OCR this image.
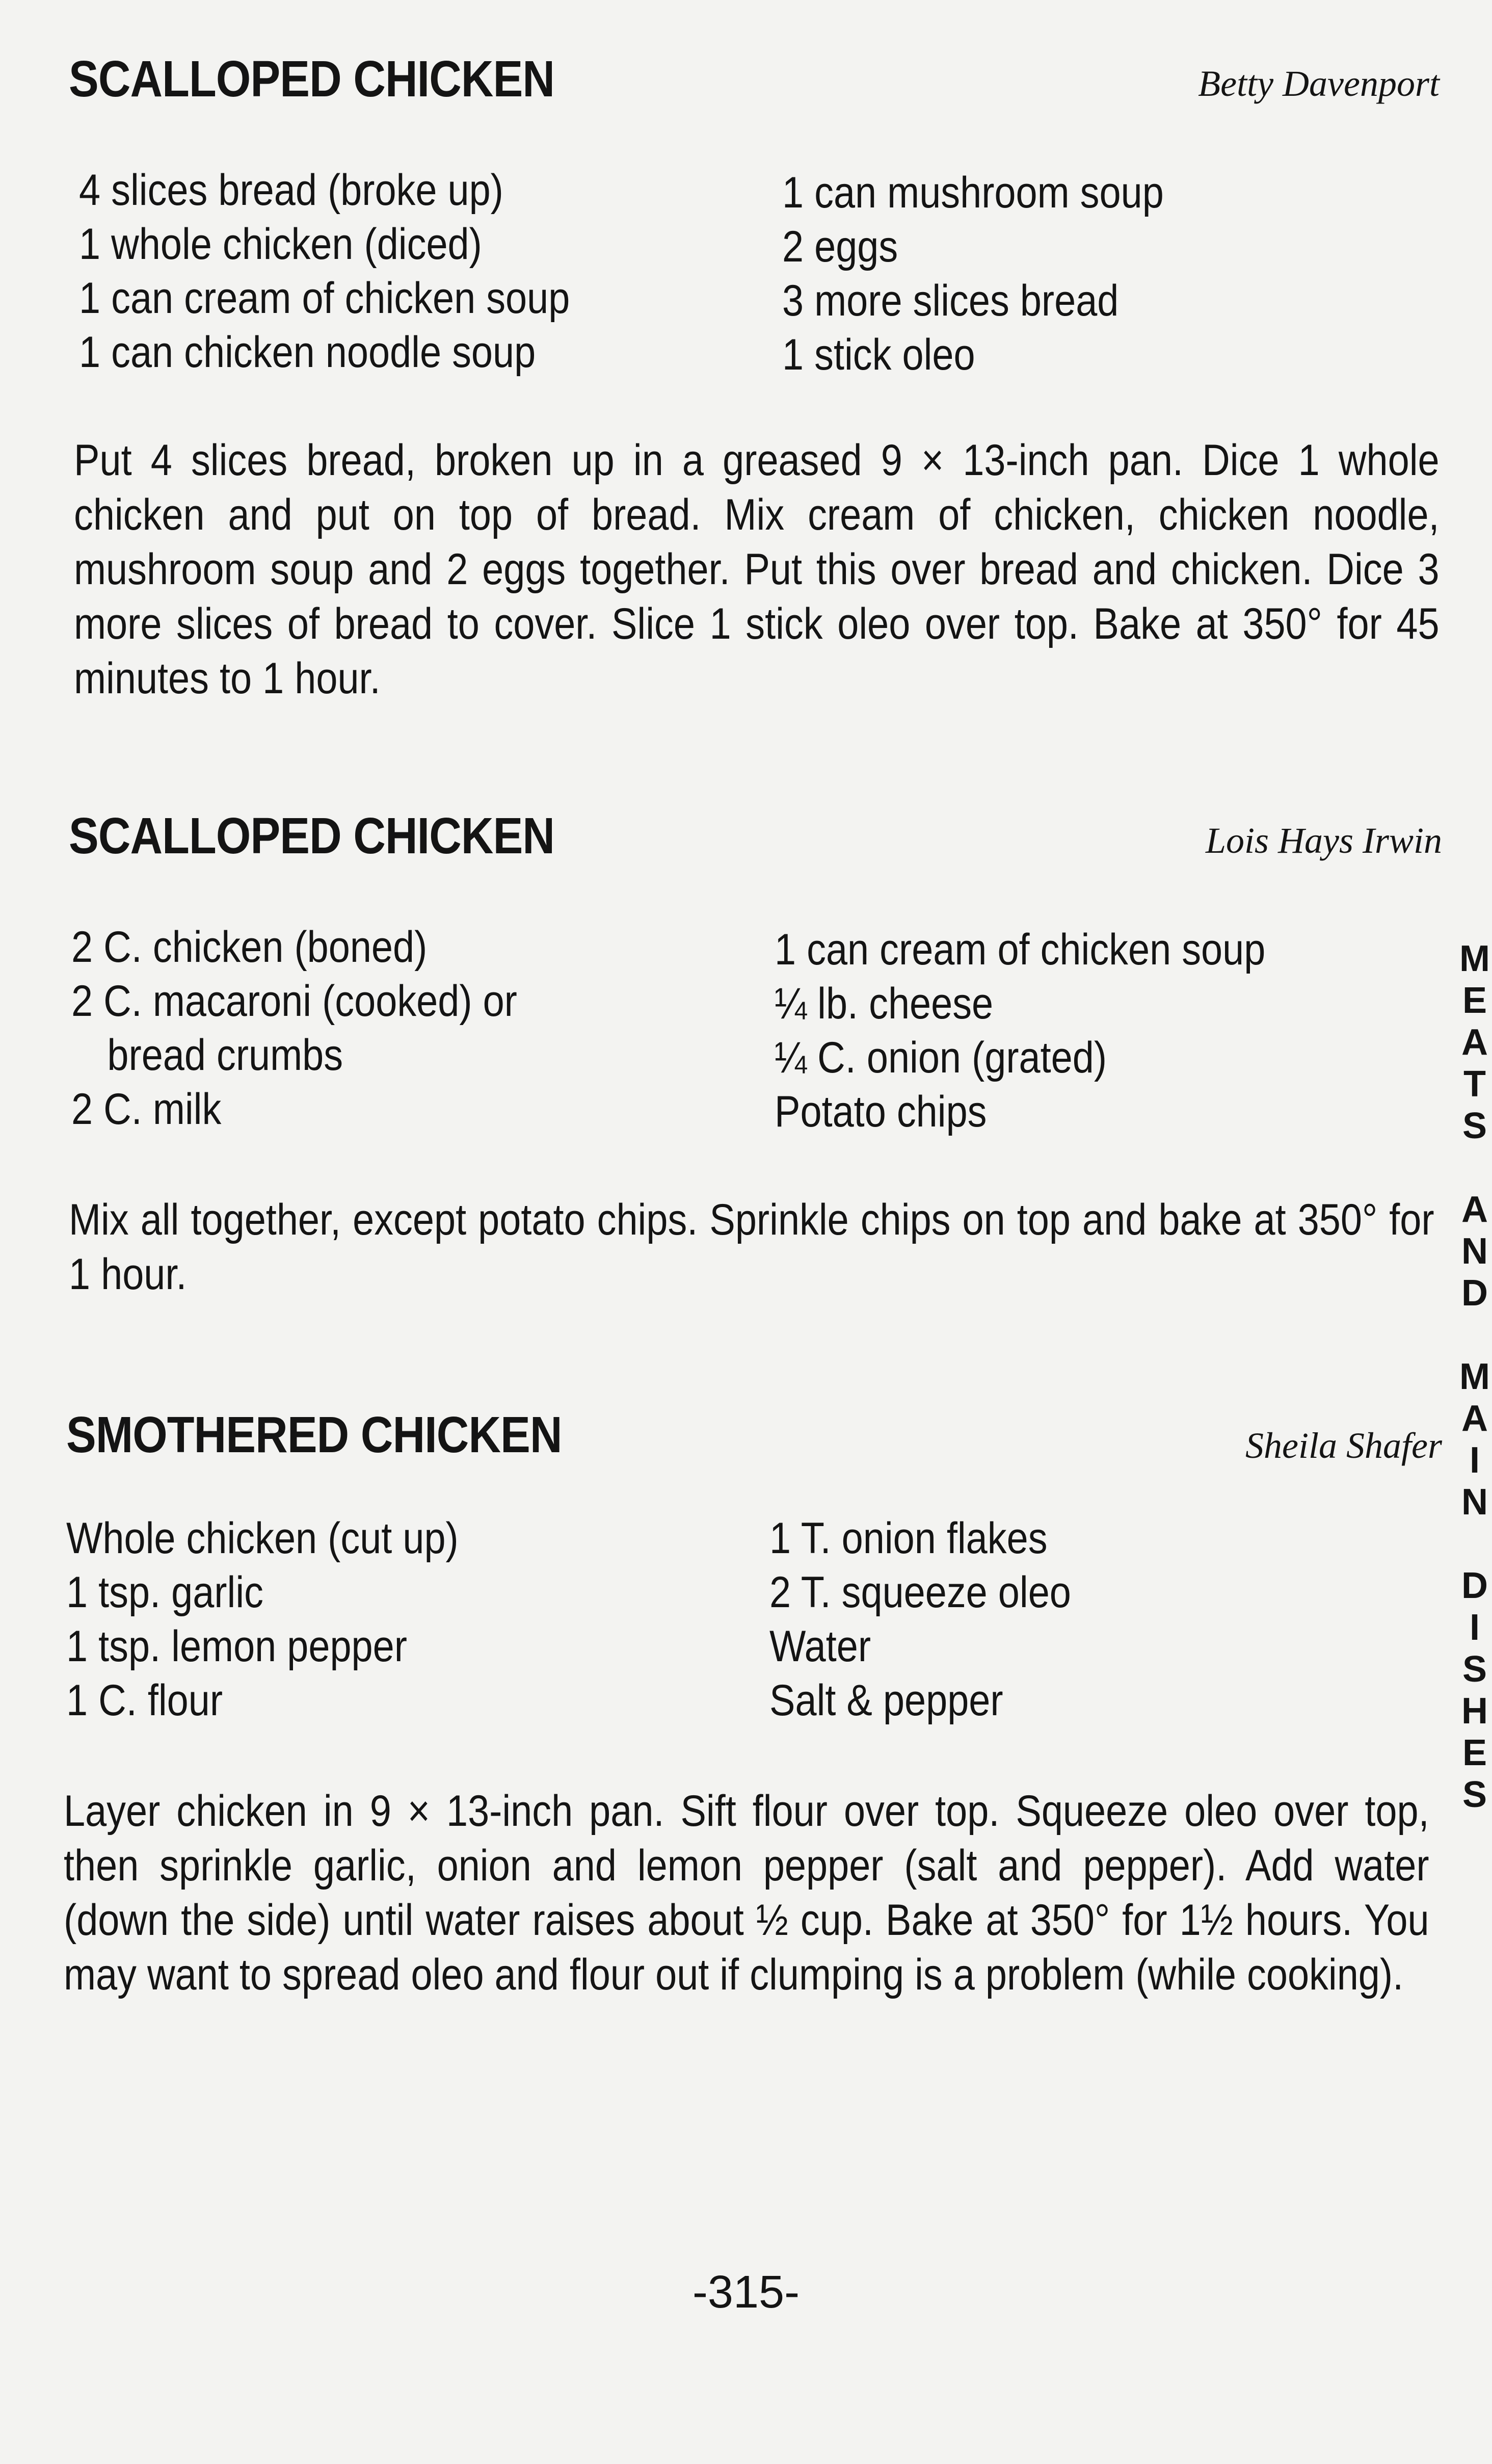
SCALLOPED CHICKEN	Betty Davenport
4 slices bread (broke up)
1 whole chicken (diced)
1 can cream of chicken soup
1 can chicken noodle soup
1 can mushroom soup
2 eggs
3 more slices bread
1 stick oleo

Put 4 slices bread, broken up in a greased 9 × 13-inch pan. Dice 1 whole chicken and put on top of bread. Mix cream of chicken, chicken noodle, mushroom soup and 2 eggs together. Put this over bread and chicken. Dice 3 more slices of bread to cover. Slice 1 stick oleo over top. Bake at 350° for 45 minutes to 1 hour.

SCALLOPED CHICKEN	Lois Hays Irwin
2 C. chicken (boned)
2 C. macaroni (cooked) or
bread crumbs
2 C. milk
1 can cream of chicken soup
¼ lb. cheese
¼ C. onion (grated)
Potato chips

Mix all together, except potato chips. Sprinkle chips on top and bake at 350° for 1 hour.

SMOTHERED CHICKEN	Sheila Shafer
Whole chicken (cut up)
1 tsp. garlic
1 tsp. lemon pepper
1 C. flour
1 T. onion flakes
2 T. squeeze oleo
Water
Salt & pepper

Layer chicken in 9 × 13-inch pan. Sift flour over top. Squeeze oleo over top, then sprinkle garlic, onion and lemon pepper (salt and pepper). Add water (down the side) until water raises about ½ cup. Bake at 350° for 1½ hours. You may want to spread oleo and flour out if clumping is a problem (while cooking).

M
E
A
T
S

A
N
D

M
A
I
N

D
I
S
H
E
S
-315-
